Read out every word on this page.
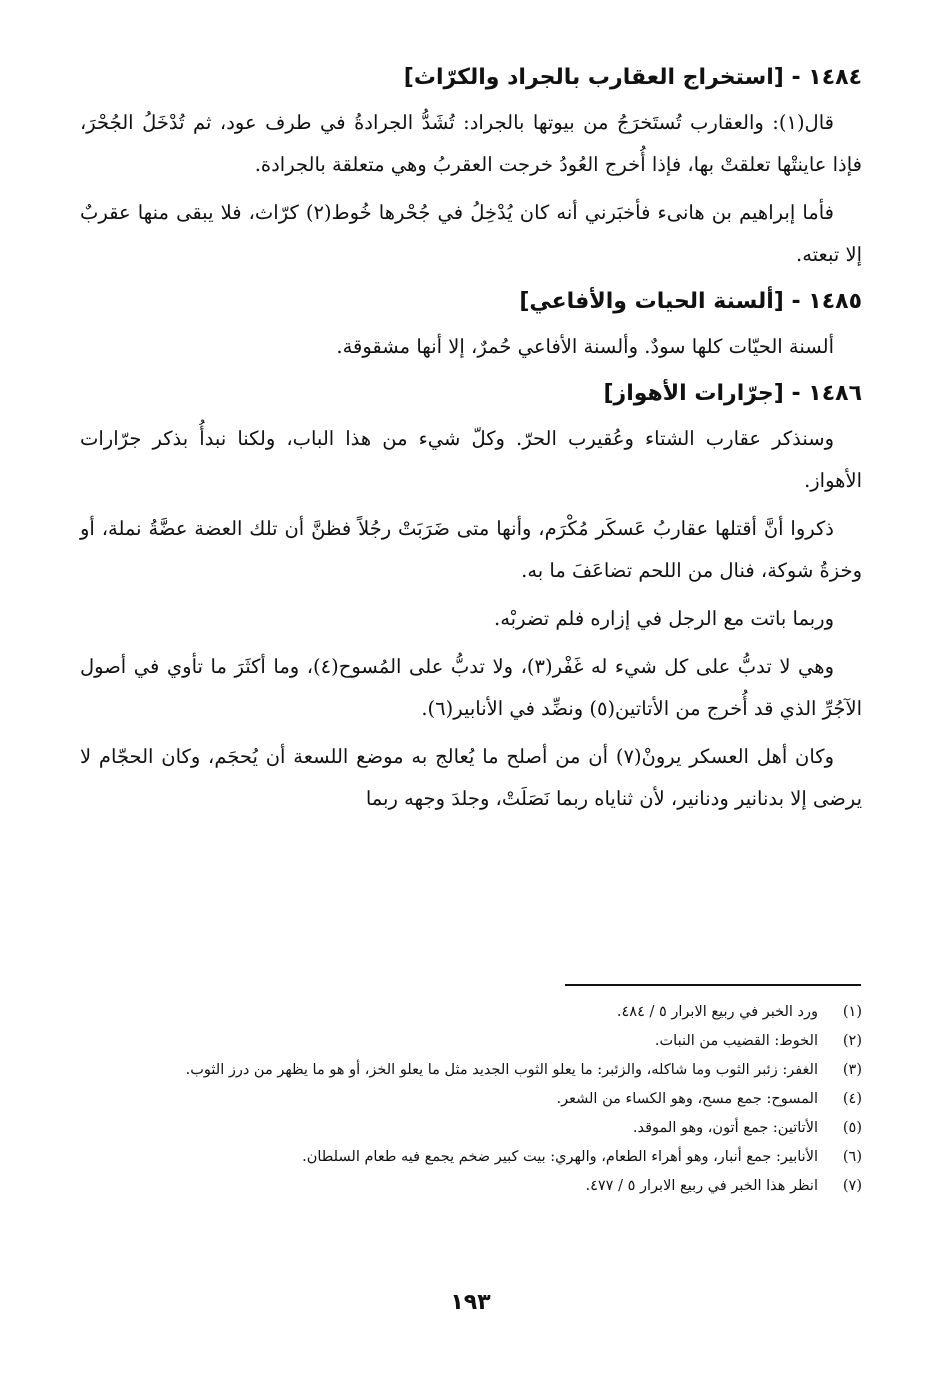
١٤٨٤ - [استخراج العقارب بالجراد والكرّاث]

قال(١): والعقارب تُستَخرَجُ من بيوتها بالجراد: تُشَدُّ الجرادةُ في طرف عود، ثم تُدْخَلُ الجُحْرَ، فإذا عاينتْها تعلقتْ بها، فإذا أُخرج العُودُ خرجت العقربُ وهي متعلقة بالجرادة.

فأما إبراهيم بن هانىء فأخبَرني أنه كان يُدْخِلُ في جُحْرها خُوط(٢) كرّاث، فلا يبقى منها عقربٌ إلا تبعته.

١٤٨٥ - [ألسنة الحيات والأفاعي]

ألسنة الحيّات كلها سودٌ. وألسنة الأفاعي حُمرٌ، إلا أنها مشقوقة.

١٤٨٦ - [جرّارات الأهواز]

وسنذكر عقارب الشتاء وعُقيرب الحرّ. وكلّ شيء من هذا الباب، ولكنا نبدأُ بذكر جرّارات الأهواز.

ذكروا أنَّ أقتلها عقاربُ عَسكَر مُكْرَم، وأنها متى ضَرَبَتْ رجُلاً فظنَّ أن تلك العضة عضَّةُ نملة، أو وخزةُ شوكة، فنال من اللحم تضاعَفَ ما به.

وربما باتت مع الرجل في إزاره فلم تضربْه.

وهي لا تدبُّ على كل شيء له غَفْر(٣)، ولا تدبُّ على المُسوح(٤)، وما أكثَرَ ما تأوي في أصول الآجُرِّ الذي قد أُخرج من الأتاتين(٥) ونضِّد في الأنابير(٦).

وكان أهل العسكر يرونْ(٧) أن من أصلح ما يُعالج به موضع اللسعة أن يُحجَم، وكان الحجّام لا يرضى إلا بدنانير ودنانير، لأن ثناياه ربما نَصَلَتْ، وجلدَ وجهه ربما

(١)
ورد الخبر في ربيع الابرار ٥ / ٤٨٤.
(٢)
الخوط: القضيب من النبات.
(٣)
الغفر: زئبر الثوب وما شاكله، والزئبر: ما يعلو الثوب الجديد مثل ما يعلو الخز، أو هو ما يظهر من درز الثوب.
(٤)
المسوح: جمع مسح، وهو الكساء من الشعر.
(٥)
الأتاتين: جمع أتون، وهو الموقد.
(٦)
الأنابير: جمع أنبار، وهو أهراء الطعام، والهري: بيت كبير ضخم يجمع فيه طعام السلطان.
(٧)
انظر هذا الخبر في ربيع الابرار ٥ / ٤٧٧.
١٩٣
